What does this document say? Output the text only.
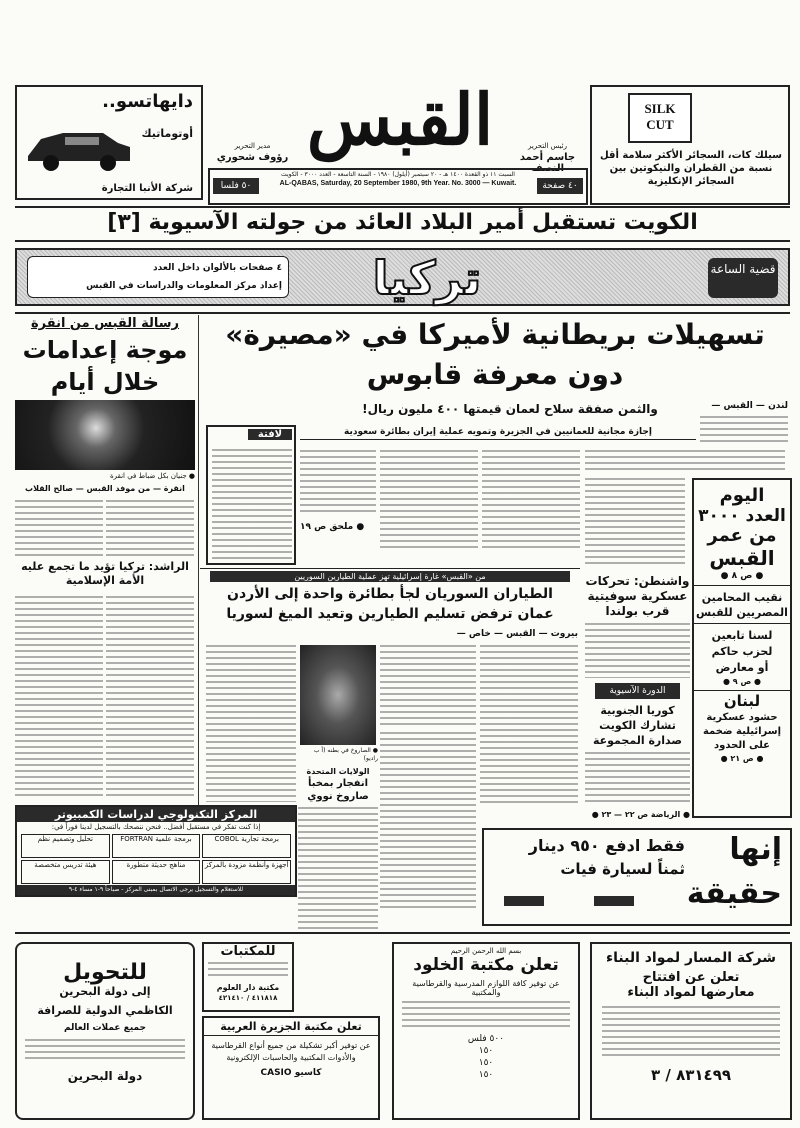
SILK CUT
سيلك كات، السجائر الأكثر سلامة أقل نسبة من القطران والنيكوتين بين السجائر الإنكليزية
دايهاتسو..
أوتوماتيك
شركة الأنبا التجارة
القبس	رئيس التحرير
جاسم أحمد النصف
مدير التحرير
رؤوف شحوري
٤٠ صفحة
٥٠ فلسا
السبت ١١ ذو القعدة ١٤٠٠ هـ - ٢٠ سبتمبر (أيلول) ١٩٨٠ - السنة التاسعة - العدد ٣٠٠٠ - الكويت
AL-QABAS, Saturday, 20 September 1980, 9th Year. No. 3000 — Kuwait.
الكويت تستقبل أمير البلاد العائد من جولته الآسيوية [٣]
قضية الساعة
تركيا
٤ صفحات بالألوان داخل العدد
إعداد مركز المعلومات والدراسات في القبس
تسهيلات بريطانية لأميركا في «مصيرة»
دون معرفة قابوس
والثمن صفقة سلاح لعمان قيمتها ٤٠٠ مليون ريال!
إجازة مجانية للعمانيين في الجزيرة وتمويه عملية إيران بطائرة سعودية
لندن — القبس —
● ملحق ص ١٩
لافتة
رسالة القبس من انقرة
موجة إعدامات
خلال أيام
● جنيان بكل ضباط في انقرة
انقرة — من موفد القبس — صالح القلاب
الراشد: تركيا تؤيد ما تجمع عليه الأمة الإسلامية	من «القبس» غارة إسرائيلية تهز عملية الطيارين السوريين
الطياران السوريان لجأ بطائرة واحدة إلى الأردن
عمان ترفض تسليم الطيارين وتعيد الميغ لسوريا
بيروت — القبس — خاص —
● الصاروخ في بطنه (أ ب راديو)
الولايات المتحدة
انفجار بمخبأ
صاروخ نووي
واشنطن: تحركات عسكرية سوفيتية قرب بولندا
الدورة الآسيوية
كوريا الجنوبية تشارك الكويت صدارة المجموعة
● الرياضة ص ٢٢ — ٢٣ ●
اليوم
العدد ٣٠٠٠
من عمر
القبس
● ص ٨ ●
نقيب المحامين
المصريين للقبس
لسنا تابعين
لحزب حاكم
أو معارض
● ص ٩ ●
لبنان
حشود عسكرية
إسرائيلية ضخمة
على الحدود
● ص ٢١ ●
المركز التكنولوجي لدراسات الكمبيوتر
إذا كنت تفكر في مستقبل أفضل.. فنحن ننصحك بالتسجيل لدينا فوراً في:
برمجة تجارية COBOL
برمجة علمية FORTRAN
تحليل وتصميم نظم
أجهزة وأنظمة مزودة بالمركز
مناهج حديثة متطورة
هيئة تدريس متخصصة
للاستعلام والتسجيل يرجى الاتصال بمبنى المركز - صباحاً ٩-١ مساء ٤-٩
إنها
حقيقة
فقط ادفع ٩٥٠ دينار
ثمناً لسيارة فيات
للتحويل
إلى دولة البحرين
الكاظمي الدولية للصرافة
جميع عملات العالم
دولة البحرين
للمكتبات
مكتبة دار العلوم
٤١١٨١٨ / ٤٢١٤١٠
تعلن مكتبة الجزيرة العربية
عن توفير أكبر تشكيلة من جميع أنواع القرطاسية والأدوات المكتبية والحاسبات الإلكترونية
كاسيو CASIO
بسم الله الرحمن الرحيم
تعلن مكتبة الخلود
عن توفير كافة اللوازم المدرسية والقرطاسية والمكتبية
٥٠٠ فلس
١٥٠
١٥٠
١٥٠
شركة المسار لمواد البناء
تعلن عن افتتاح
معارضها لمواد البناء
٨٣١٤٩٩ / ٣
